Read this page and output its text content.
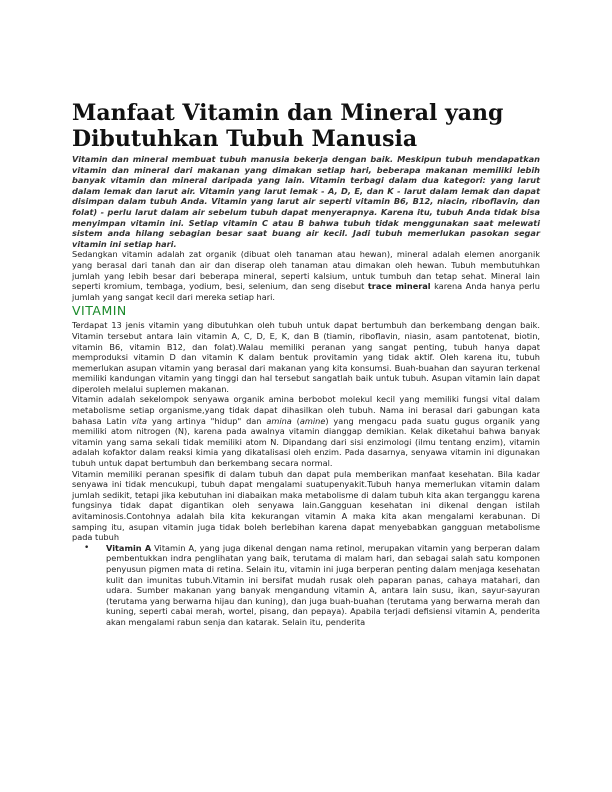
Manfaat Vitamin dan Mineral yang Dibutuhkan Tubuh Manusia

Vitamin dan mineral membuat tubuh manusia bekerja dengan baik. Meskipun tubuh mendapatkan vitamin dan mineral dari makanan yang dimakan setiap hari, beberapa makanan memiliki lebih banyak vitamin dan mineral daripada yang lain. Vitamin terbagi dalam dua kategori: yang larut dalam lemak dan larut air. Vitamin yang larut lemak - A, D, E, dan K - larut dalam lemak dan dapat disimpan dalam tubuh Anda. Vitamin yang larut air seperti vitamin B6, B12, niacin, riboflavin, dan folat) - perlu larut dalam air sebelum tubuh dapat menyerapnya. Karena itu, tubuh Anda tidak bisa menyimpan vitamin ini. Setiap vitamin C atau B bahwa tubuh tidak menggunakan saat melewati sistem anda hilang sebagian besar saat buang air kecil. Jadi tubuh memerlukan pasokan segar vitamin ini setiap hari.

Sedangkan vitamin adalah zat organik (dibuat oleh tanaman atau hewan), mineral adalah elemen anorganik yang berasal dari tanah dan air dan diserap oleh tanaman atau dimakan oleh hewan. Tubuh membutuhkan jumlah yang lebih besar dari beberapa mineral, seperti kalsium, untuk tumbuh dan tetap sehat. Mineral lain seperti kromium, tembaga, yodium, besi, selenium, dan seng disebut trace mineral karena Anda hanya perlu jumlah yang sangat kecil dari mereka setiap hari.

VITAMIN

Terdapat 13 jenis vitamin yang dibutuhkan oleh tubuh untuk dapat bertumbuh dan berkembang dengan baik. Vitamin tersebut antara lain vitamin A, C, D, E, K, dan B (tiamin, riboflavin, niasin, asam pantotenat, biotin, vitamin B6, vitamin B12, dan folat).Walau memiliki peranan yang sangat penting, tubuh hanya dapat memproduksi vitamin D dan vitamin K dalam bentuk provitamin yang tidak aktif. Oleh karena itu, tubuh memerlukan asupan vitamin yang berasal dari makanan yang kita konsumsi. Buah-buahan dan sayuran terkenal memiliki kandungan vitamin yang tinggi dan hal tersebut sangatlah baik untuk tubuh. Asupan vitamin lain dapat diperoleh melalui suplemen makanan.

Vitamin adalah sekelompok senyawa organik amina berbobot molekul kecil yang memiliki fungsi vital dalam metabolisme setiap organisme,yang tidak dapat dihasilkan oleh tubuh. Nama ini berasal dari gabungan kata bahasa Latin vita yang artinya "hidup" dan amina (amine) yang mengacu pada suatu gugus organik yang memiliki atom nitrogen (N), karena pada awalnya vitamin dianggap demikian. Kelak diketahui bahwa banyak vitamin yang sama sekali tidak memiliki atom N. Dipandang dari sisi enzimologi (ilmu tentang enzim), vitamin adalah kofaktor dalam reaksi kimia yang dikatalisasi oleh enzim. Pada dasarnya, senyawa vitamin ini digunakan tubuh untuk dapat bertumbuh dan berkembang secara normal.

Vitamin memiliki peranan spesifik di dalam tubuh dan dapat pula memberikan manfaat kesehatan. Bila kadar senyawa ini tidak mencukupi, tubuh dapat mengalami suatupenyakit.Tubuh hanya memerlukan vitamin dalam jumlah sedikit, tetapi jika kebutuhan ini diabaikan maka metabolisme di dalam tubuh kita akan terganggu karena fungsinya tidak dapat digantikan oleh senyawa lain.Gangguan kesehatan ini dikenal dengan istilah avitaminosis.Contohnya adalah bila kita kekurangan vitamin A maka kita akan mengalami kerabunan. Di samping itu, asupan vitamin juga tidak boleh berlebihan karena dapat menyebabkan gangguan metabolisme pada tubuh

• Vitamin A Vitamin A, yang juga dikenal dengan nama retinol, merupakan vitamin yang berperan dalam pembentukkan indra penglihatan yang baik, terutama di malam hari, dan sebagai salah satu komponen penyusun pigmen mata di retina. Selain itu, vitamin ini juga berperan penting dalam menjaga kesehatan kulit dan imunitas tubuh.Vitamin ini bersifat mudah rusak oleh paparan panas, cahaya matahari, dan udara. Sumber makanan yang banyak mengandung vitamin A, antara lain susu, ikan, sayur-sayuran (terutama yang berwarna hijau dan kuning), dan juga buah-buahan (terutama yang berwarna merah dan kuning, seperti cabai merah, wortel, pisang, dan pepaya). Apabila terjadi defisiensi vitamin A, penderita akan mengalami rabun senja dan katarak. Selain itu, penderita
